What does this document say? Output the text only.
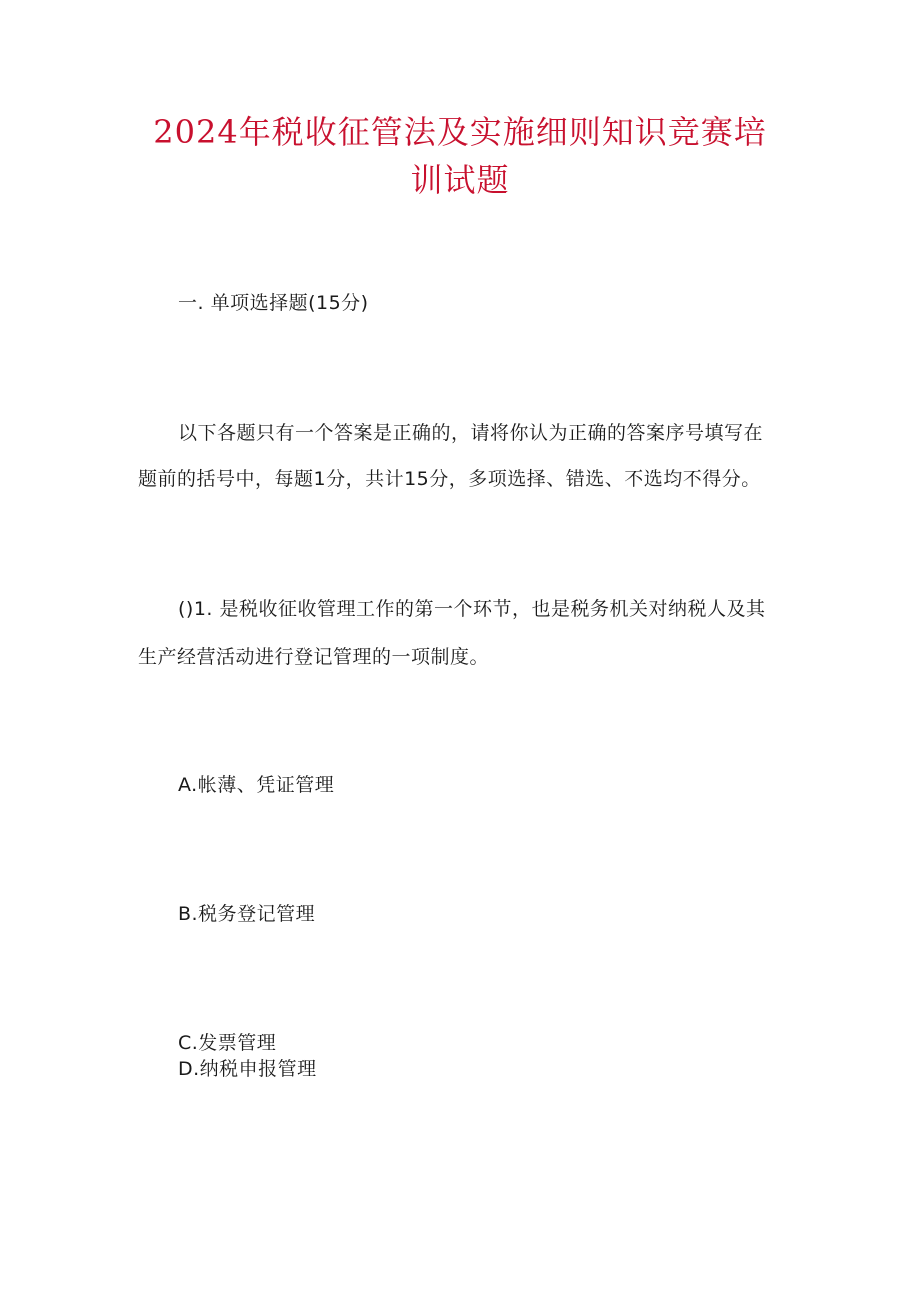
2024年税收征管法及实施细则知识竞赛培
训试题
一. 单项选择题(15分)
以下各题只有一个答案是正确的，请将你认为正确的答案序号填写在
题前的括号中，每题1分，共计15分，多项选择、错选、不选均不得分。
()1. 是税收征收管理工作的第一个环节，也是税务机关对纳税人及其
生产经营活动进行登记管理的一项制度。
A.帐薄、凭证管理
B.税务登记管理
C.发票管理
D.纳税申报管理
